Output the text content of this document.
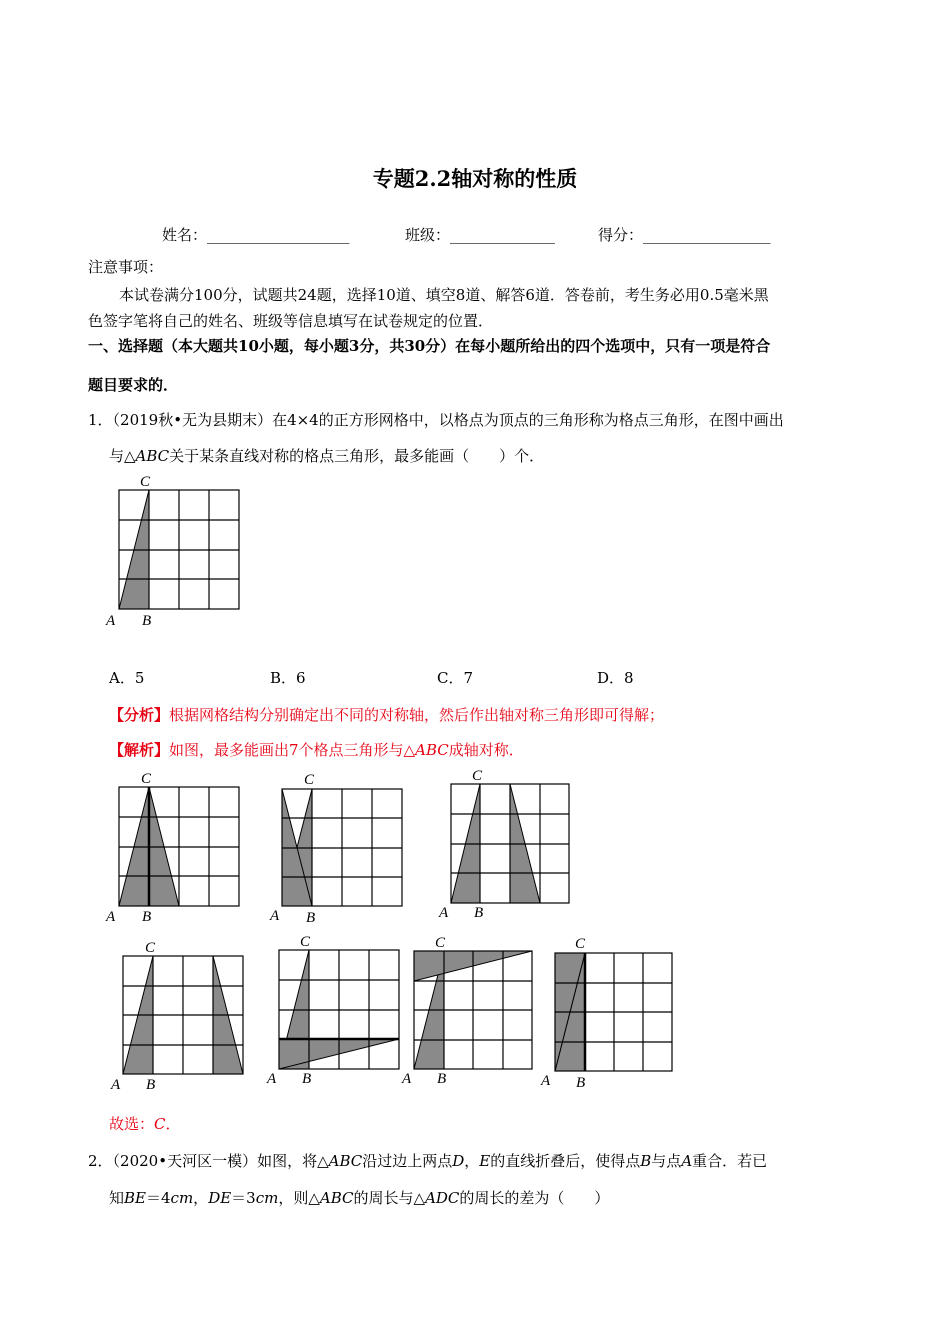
专题2.2轴对称的性质
姓名：___________________	班级：______________	得分：_________________
注意事项：
本试卷满分100分，试题共24题，选择10道、填空8道、解答6道．答卷前，考生务必用0.5毫米黑
色签字笔将自己的姓名、班级等信息填写在试卷规定的位置．
一、选择题（本大题共10小题，每小题3分，共30分）在每小题所给出的四个选项中，只有一项是符合
题目要求的．
1．（2019秋•无为县期末）在4×4的正方形网格中，以格点为顶点的三角形称为格点三角形，在图中画出
与△ABC关于某条直线对称的格点三角形，最多能画（　　）个．
C
A B
A．5	B．6	C．7	D．8
【分析】根据网格结构分别确定出不同的对称轴，然后作出轴对称三角形即可得解；
【解析】如图，最多能画出7个格点三角形与△ABC成轴对称．
C
A B
C
A B
C
A B
C
A B
C
A B
C
A B
C
A B
故选：C．
2．（2020•天河区一模）如图，将△ABC沿过边上两点D，E的直线折叠后，使得点B与点A重合．若已
知BE＝4cm，DE＝3cm，则△ABC的周长与△ADC的周长的差为（　　）
